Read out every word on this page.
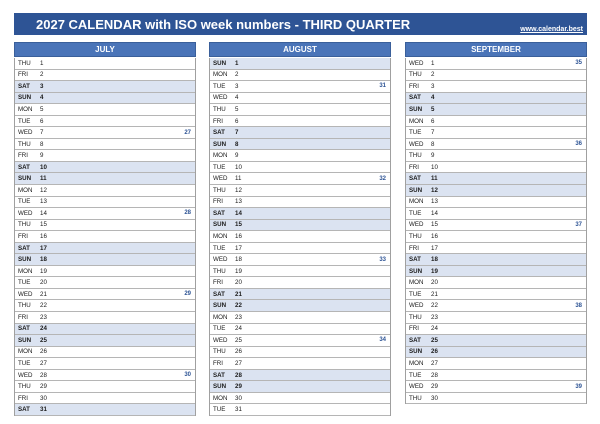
2027 CALENDAR with ISO week numbers - THIRD QUARTER	www.calendar.best
JULY
THU	1
FRI	2
SAT	3
SUN	4
MON	5
TUE	6
WED	7	27
THU	8
FRI	9
SAT	10
SUN	11
MON	12
TUE	13
WED	14	28
THU	15
FRI	16
SAT	17
SUN	18
MON	19
TUE	20
WED	21	29
THU	22
FRI	23
SAT	24
SUN	25
MON	26
TUE	27
WED	28	30
THU	29
FRI	30
SAT	31
AUGUST
SUN	1
MON	2
TUE	3	31
WED	4
THU	5
FRI	6
SAT	7
SUN	8
MON	9
TUE	10
WED	11	32
THU	12
FRI	13
SAT	14
SUN	15
MON	16
TUE	17
WED	18	33
THU	19
FRI	20
SAT	21
SUN	22
MON	23
TUE	24
WED	25	34
THU	26
FRI	27
SAT	28
SUN	29
MON	30
TUE	31
SEPTEMBER
WED	1	35
THU	2
FRI	3
SAT	4
SUN	5
MON	6
TUE	7
WED	8	36
THU	9
FRI	10
SAT	11
SUN	12
MON	13
TUE	14
WED	15	37
THU	16
FRI	17
SAT	18
SUN	19
MON	20
TUE	21
WED	22	38
THU	23
FRI	24
SAT	25
SUN	26
MON	27
TUE	28
WED	29	39
THU	30
